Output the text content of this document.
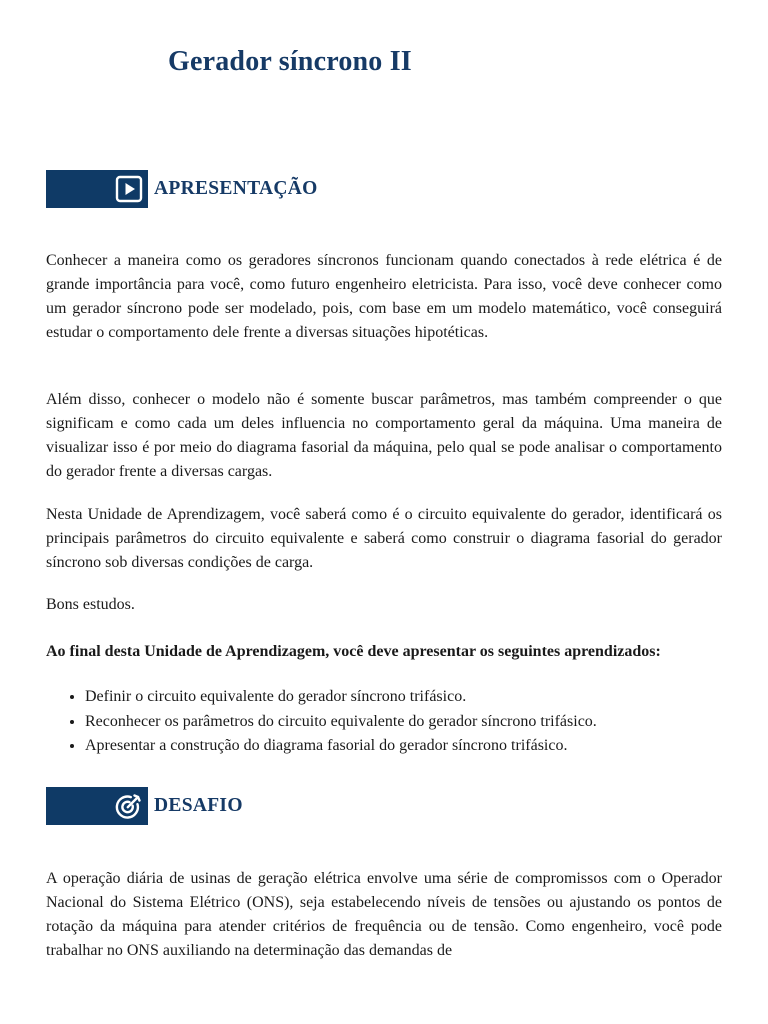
Gerador síncrono II
APRESENTAÇÃO

Conhecer a maneira como os geradores síncronos funcionam quando conectados à rede elétrica é de grande importância para você, como futuro engenheiro eletricista. Para isso, você deve conhecer como um gerador síncrono pode ser modelado, pois, com base em um modelo matemático, você conseguirá estudar o comportamento dele frente a diversas situações hipotéticas.

Além disso, conhecer o modelo não é somente buscar parâmetros, mas também compreender o que significam e como cada um deles influencia no comportamento geral da máquina. Uma maneira de visualizar isso é por meio do diagrama fasorial da máquina, pelo qual se pode analisar o comportamento do gerador frente a diversas cargas.

Nesta Unidade de Aprendizagem, você saberá como é o circuito equivalente do gerador, identificará os principais parâmetros do circuito equivalente e saberá como construir o diagrama fasorial do gerador síncrono sob diversas condições de carga.

Bons estudos.

Ao final desta Unidade de Aprendizagem, você deve apresentar os seguintes aprendizados:

• Definir o circuito equivalente do gerador síncrono trifásico.
• Reconhecer os parâmetros do circuito equivalente do gerador síncrono trifásico.
• Apresentar a construção do diagrama fasorial do gerador síncrono trifásico.
DESAFIO

A operação diária de usinas de geração elétrica envolve uma série de compromissos com o Operador Nacional do Sistema Elétrico (ONS), seja estabelecendo níveis de tensões ou ajustando os pontos de rotação da máquina para atender critérios de frequência ou de tensão. Como engenheiro, você pode trabalhar no ONS auxiliando na determinação das demandas de
